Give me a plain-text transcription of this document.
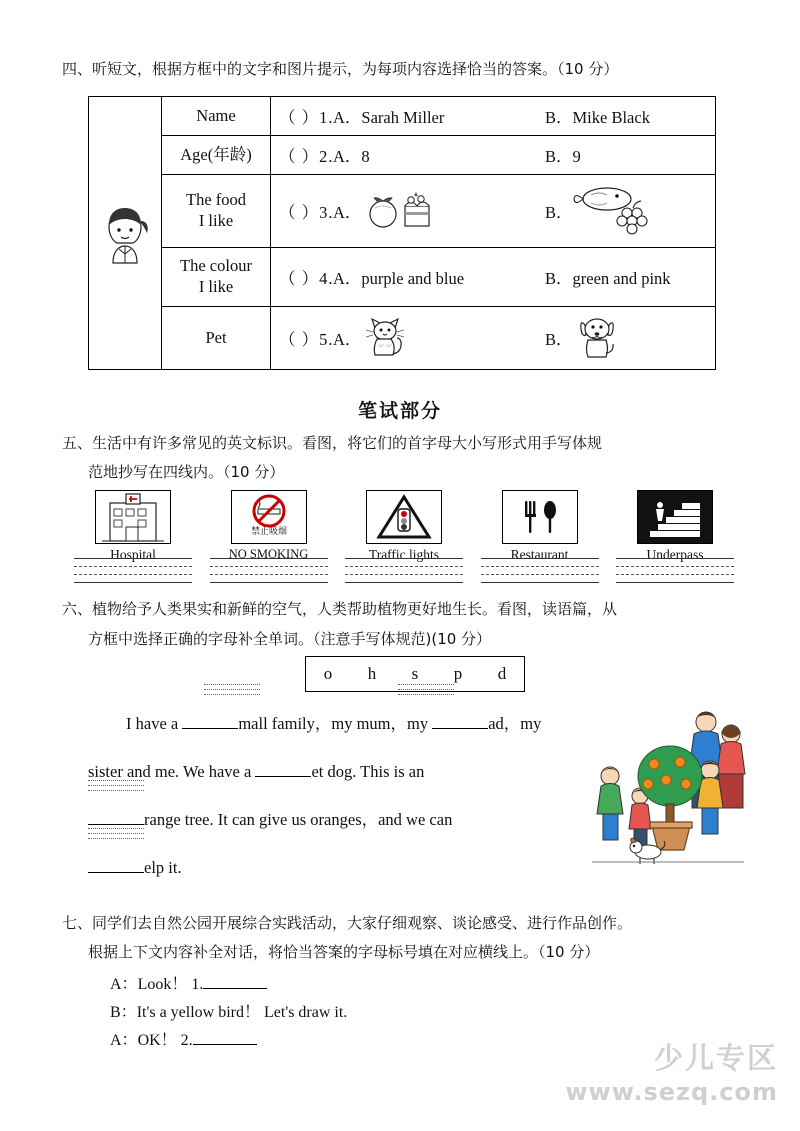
四、听短文，根据方框中的文字和图片提示，为每项内容选择恰当的答案。（10 分）
	Name	（ ）1. A．Sarah Miller B．Mike Black

	Age(年龄)	（ ）2. A．8 B．9

The food
I like	（ ）3. A．	B．

The colour
I like	（ ）4. A．purple and blue	B．green and pink

	Pet	（ ）5. A． B．
笔试部分
五、生活中有许多常见的英文标识。看图，将它们的首字母大小写形式用手写体规
范地抄写在四线内。（10 分）
Hospital
禁止吸烟
NO SMOKING	Traffic lights	Restaurant	Underpass
六、植物给予人类果实和新鲜的空气，人类帮助植物更好地生长。看图，读语篇，从
方框中选择正确的字母补全单词。（注意手写体规范)(10 分）
o h s p d
I have a	mall family，my mum，my	ad，my
sister and me. We have a	et dog. This is an
range tree. It can give us oranges，and we can
elp it.
七、同学们去自然公园开展综合实践活动，大家仔细观察、谈论感受、进行作品创作。
根据上下文内容补全对话，将恰当答案的字母标号填在对应横线上。（10 分）
A：Look！ 1.
B：It's a yellow bird！ Let's draw it.
A：OK！ 2.
少儿专区
www.sezq.com
